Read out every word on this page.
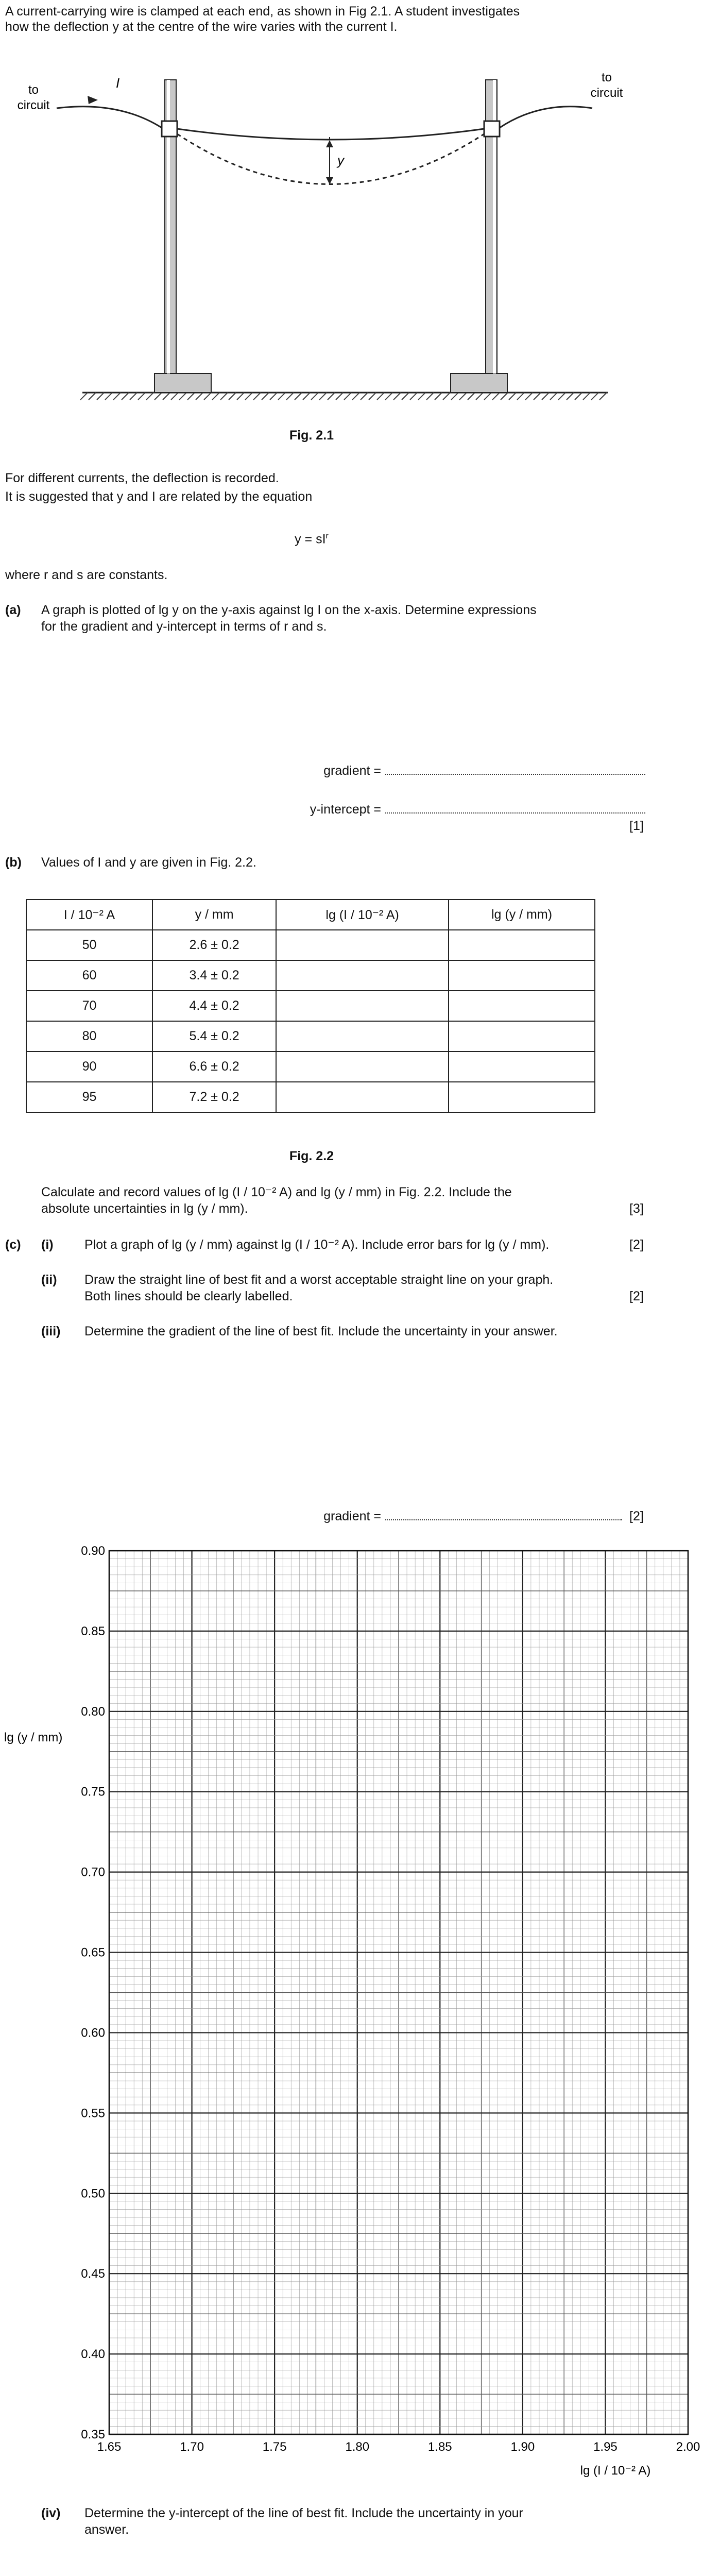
A current-carrying wire is clamped at each end, as shown in Fig 2.1. A student investigates
how the deflection y at the centre of the wire varies with the current I.
I
y
to
circuit
to
circuit
Fig. 2.1
For different currents, the deflection is recorded.
It is suggested that y and I are related by the equation
$y = sI^r$
where r and s are constants.
(a) A graph is plotted of lg y on the y-axis against lg I on the x-axis. Determine expressions
for the gradient and y-intercept in terms of r and s.
gradient =
y-intercept =
[1]
(b) Values of I and y are given in Fig. 2.2.
I / 10⁻² A	y / mm	lg (I / 10⁻² A)	lg (y / mm)
50	2.6 ± 0.2		
60	3.4 ± 0.2		
70	4.4 ± 0.2		
80	5.4 ± 0.2		
90	6.6 ± 0.2		
95	7.2 ± 0.2		
Fig. 2.2
Calculate and record values of lg (I / 10⁻² A) and lg (y / mm) in Fig. 2.2. Include the
absolute uncertainties in lg (y / mm).	[3]
(c) (i) Plot a graph of lg (y / mm) against lg (I / 10⁻² A). Include error bars for lg (y / mm).	[2]
(ii) Draw the straight line of best fit and a worst acceptable straight line on your graph.
Both lines should be clearly labelled.	[2]
(iii) Determine the gradient of the line of best fit. Include the uncertainty in your answer.
gradient =	[2]
1.65	1.70	1.75	1.80	1.85	1.90	1.95	2.00
0.35
0.40
0.45
0.50
0.55
0.60
0.65
0.70
0.75
0.80
0.85
0.90
lg (y / mm)
lg (I / 10⁻² A)
(iv) Determine the y-intercept of the line of best fit. Include the uncertainty in your
answer.
